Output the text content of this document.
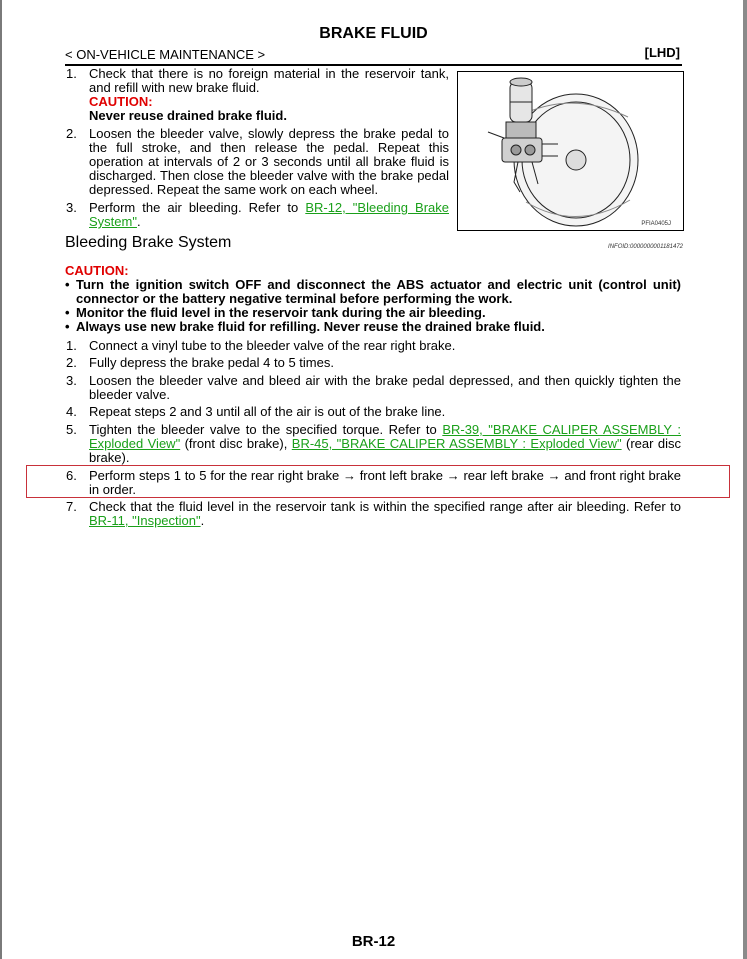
BRAKE FLUID
< ON-VEHICLE MAINTENANCE >	[LHD]
1. Check that there is no foreign material in the reservoir tank, and refill with new brake fluid.
CAUTION:
Never reuse drained brake fluid.
2. Loosen the bleeder valve, slowly depress the brake pedal to the full stroke, and then release the pedal. Repeat this operation at intervals of 2 or 3 seconds until all brake fluid is discharged. Then close the bleeder valve with the brake pedal depressed. Repeat the same work on each wheel.
3. Perform the air bleeding. Refer to BR-12, "Bleeding Brake System".	PFIA0405J
Bleeding Brake System	INFOID:0000000001181472
CAUTION:
• Turn the ignition switch OFF and disconnect the ABS actuator and electric unit (control unit) connector or the battery negative terminal before performing the work.
• Monitor the fluid level in the reservoir tank during the air bleeding.
• Always use new brake fluid for refilling. Never reuse the drained brake fluid.
1. Connect a vinyl tube to the bleeder valve of the rear right brake.
2. Fully depress the brake pedal 4 to 5 times.
3. Loosen the bleeder valve and bleed air with the brake pedal depressed, and then quickly tighten the bleeder valve.
4. Repeat steps 2 and 3 until all of the air is out of the brake line.
5. Tighten the bleeder valve to the specified torque. Refer to BR-39, "BRAKE CALIPER ASSEMBLY : Exploded View" (front disc brake), BR-45, "BRAKE CALIPER ASSEMBLY : Exploded View" (rear disc brake).
6. Perform steps 1 to 5 for the rear right brake → front left brake → rear left brake → and front right brake in order.
7. Check that the fluid level in the reservoir tank is within the specified range after air bleeding. Refer to BR-11, "Inspection".
BR-12
